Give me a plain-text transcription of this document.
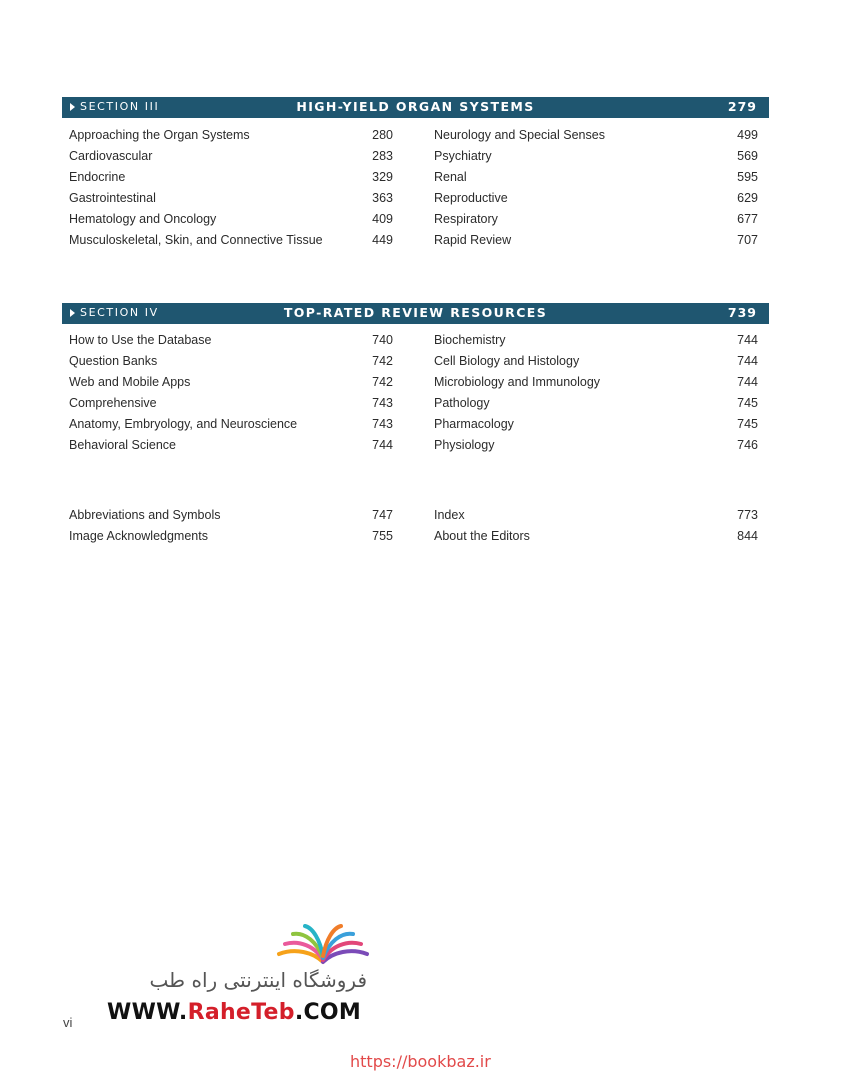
SECTION III	HIGH-YIELD ORGAN SYSTEMS	279
Approaching the Organ Systems	280
Cardiovascular	283
Endocrine	329
Gastrointestinal	363
Hematology and Oncology	409
Musculoskeletal, Skin, and Connective Tissue	449
Neurology and Special Senses	499
Psychiatry	569
Renal	595
Reproductive	629
Respiratory	677
Rapid Review	707
SECTION IV	TOP-RATED REVIEW RESOURCES	739
How to Use the Database	740
Question Banks	742
Web and Mobile Apps	742
Comprehensive	743
Anatomy, Embryology, and Neuroscience	743
Behavioral Science	744
Biochemistry	744
Cell Biology and Histology	744
Microbiology and Immunology	744
Pathology	745
Pharmacology	745
Physiology	746
Abbreviations and Symbols	747
Image Acknowledgments	755
Index	773
About the Editors	844
فروشگاه اینترنتی راه طب
WWW.RaheTeb.COM
vi
https://bookbaz.ir
